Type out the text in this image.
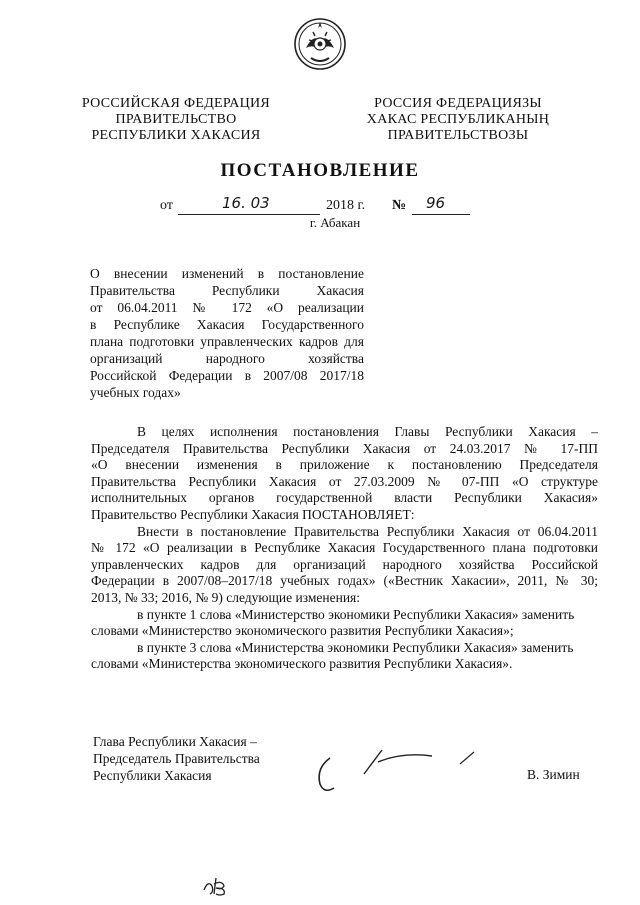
РОССИЙСКАЯ ФЕДЕРАЦИЯ
ПРАВИТЕЛЬСТВО
РЕСПУБЛИКИ ХАКАСИЯ
РОССИЯ ФЕДЕРАЦИЯЗЫ
ХАКАС РЕСПУБЛИКАНЫҢ
ПРАВИТЕЛЬСТВОЗЫ
ПОСТАНОВЛЕНИЕ
от	16. 03	2018 г. № 96
г. Абакан
О внесении изменений в постановление
Правительства Республики Хакасия
от 06.04.2011 № 172 «О реализации
в Республике Хакасия Государственного
плана подготовки управленческих кадров для
организаций народного хозяйства
Российской Федерации в 2007/08 2017/18
учебных годах»
В целях исполнения постановления Главы Республики Хакасия –
Председателя Правительства Республики Хакасия от 24.03.2017 № 17-ПП
«О внесении изменения в приложение к постановлению Председателя
Правительства Республики Хакасия от 27.03.2009 № 07-ПП «О структуре
исполнительных органов государственной власти Республики Хакасия»
Правительство Республики Хакасия ПОСТАНОВЛЯЕТ:
Внести в постановление Правительства Республики Хакасия от 06.04.2011
№ 172 «О реализации в Республике Хакасия Государственного плана подготовки
управленческих кадров для организаций народного хозяйства Российской
Федерации в 2007/08–2017/18 учебных годах» («Вестник Хакасии», 2011, № 30;
2013, № 33; 2016, № 9) следующие изменения:
в пункте 1 слова «Министерство экономики Республики Хакасия» заменить
словами «Министерство экономического развития Республики Хакасия»;
в пункте 3 слова «Министерства экономики Республики Хакасия» заменить
словами «Министерства экономического развития Республики Хакасия».
Глава Республики Хакасия –
Председатель Правительства
Республики Хакасия	В. Зимин
